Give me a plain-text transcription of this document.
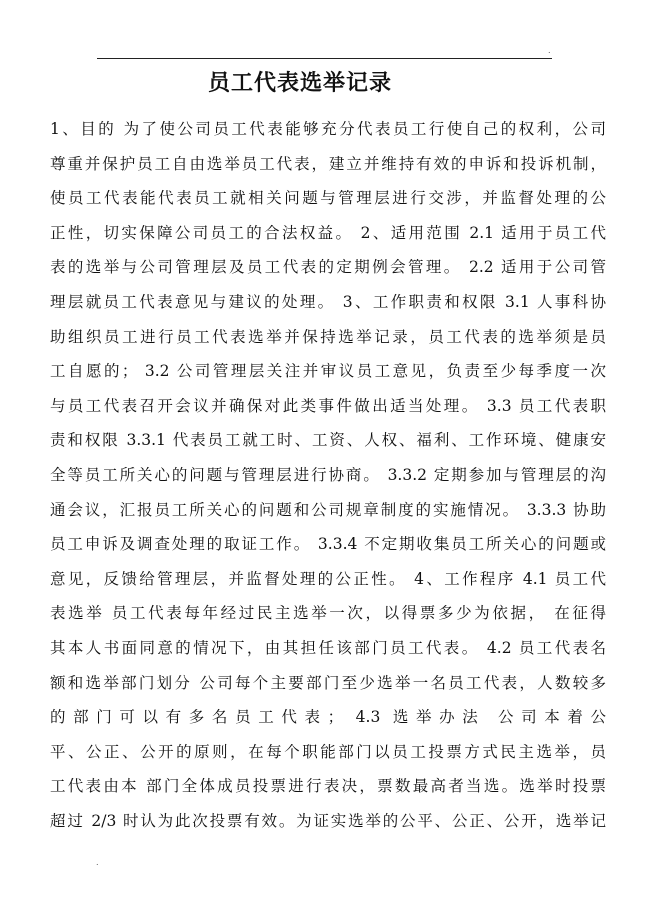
.
员工代表选举记录
1、目的 为了使公司员工代表能够充分代表员工行使自己的权利，公司
尊重并保护员工自由选举员工代表，建立并维持有效的申诉和投诉机制，
使员工代表能代表员工就相关问题与管理层进行交涉，并监督处理的公
正性，切实保障公司员工的合法权益。 2、适用范围 2.1 适用于员工代
表的选举与公司管理层及员工代表的定期例会管理。 2.2 适用于公司管
理层就员工代表意见与建议的处理。 3、工作职责和权限 3.1 人事科协
助组织员工进行员工代表选举并保持选举记录，员工代表的选举须是员
工自愿的； 3.2 公司管理层关注并审议员工意见，负责至少每季度一次
与员工代表召开会议并确保对此类事件做出适当处理。 3.3 员工代表职
责和权限 3.3.1 代表员工就工时、工资、人权、福利、工作环境、健康安
全等员工所关心的问题与管理层进行协商。 3.3.2 定期参加与管理层的沟
通会议，汇报员工所关心的问题和公司规章制度的实施情况。 3.3.3 协助
员工申诉及调查处理的取证工作。 3.3.4 不定期收集员工所关心的问题或
意见，反馈给管理层，并监督处理的公正性。 4、工作程序 4.1 员工代
表选举 员工代表每年经过民主选举一次，以得票多少为依据， 在征得
其本人书面同意的情况下，由其担任该部门员工代表。 4.2 员工代表名
额和选举部门划分 公司每个主要部门至少选举一名员工代表，人数较多
的部门可以有多名员工代表； 4.3 选举办法 公司本着公
平、公正、公开的原则，在每个职能部门以员工投票方式民主选举，员
工代表由本 部门全体成员投票进行表决，票数最高者当选。选举时投票
超过 2/3 时认为此次投票有效。为证实选举的公平、公正、公开，选举记
.
